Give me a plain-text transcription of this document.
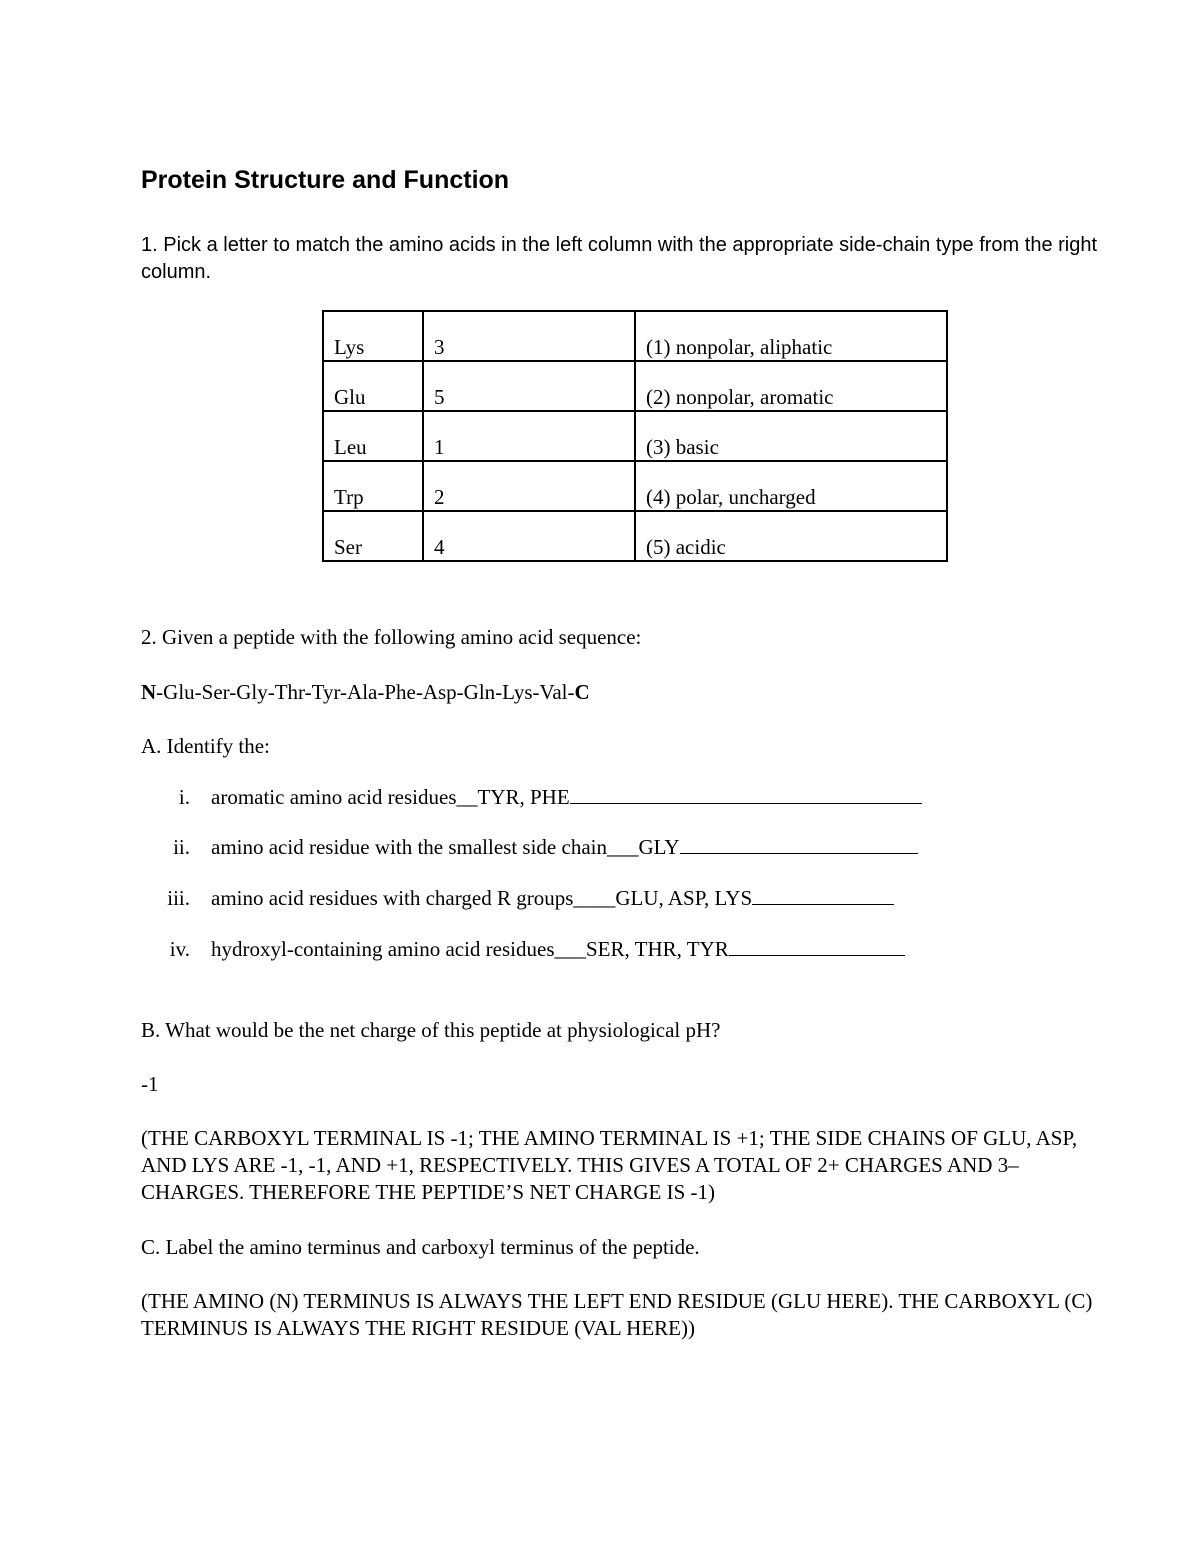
Protein Structure and Function
1. Pick a letter to match the amino acids in the left column with the appropriate side-chain type from the right column.
Lys	3	(1) nonpolar, aliphatic
Glu	5	(2) nonpolar, aromatic
Leu	1	(3) basic
Trp	2	(4) polar, uncharged
Ser	4	(5) acidic
2. Given a peptide with the following amino acid sequence:
N-Glu-Ser-Gly-Thr-Tyr-Ala-Phe-Asp-Gln-Lys-Val-C
A. Identify the:
i. aromatic amino acid residues__TYR, PHE
ii. amino acid residue with the smallest side chain___GLY
iii. amino acid residues with charged R groups____GLU, ASP, LYS
iv. hydroxyl-containing amino acid residues___SER, THR, TYR
B. What would be the net charge of this peptide at physiological pH?
-1
(THE CARBOXYL TERMINAL IS -1; THE AMINO TERMINAL IS +1; THE SIDE CHAINS OF GLU, ASP, AND LYS ARE -1, -1, AND +1, RESPECTIVELY. THIS GIVES A TOTAL OF 2+ CHARGES AND 3– CHARGES. THEREFORE THE PEPTIDE’S NET CHARGE IS -1)
C. Label the amino terminus and carboxyl terminus of the peptide.
(THE AMINO (N) TERMINUS IS ALWAYS THE LEFT END RESIDUE (GLU HERE). THE CARBOXYL (C) TERMINUS IS ALWAYS THE RIGHT RESIDUE (VAL HERE))
